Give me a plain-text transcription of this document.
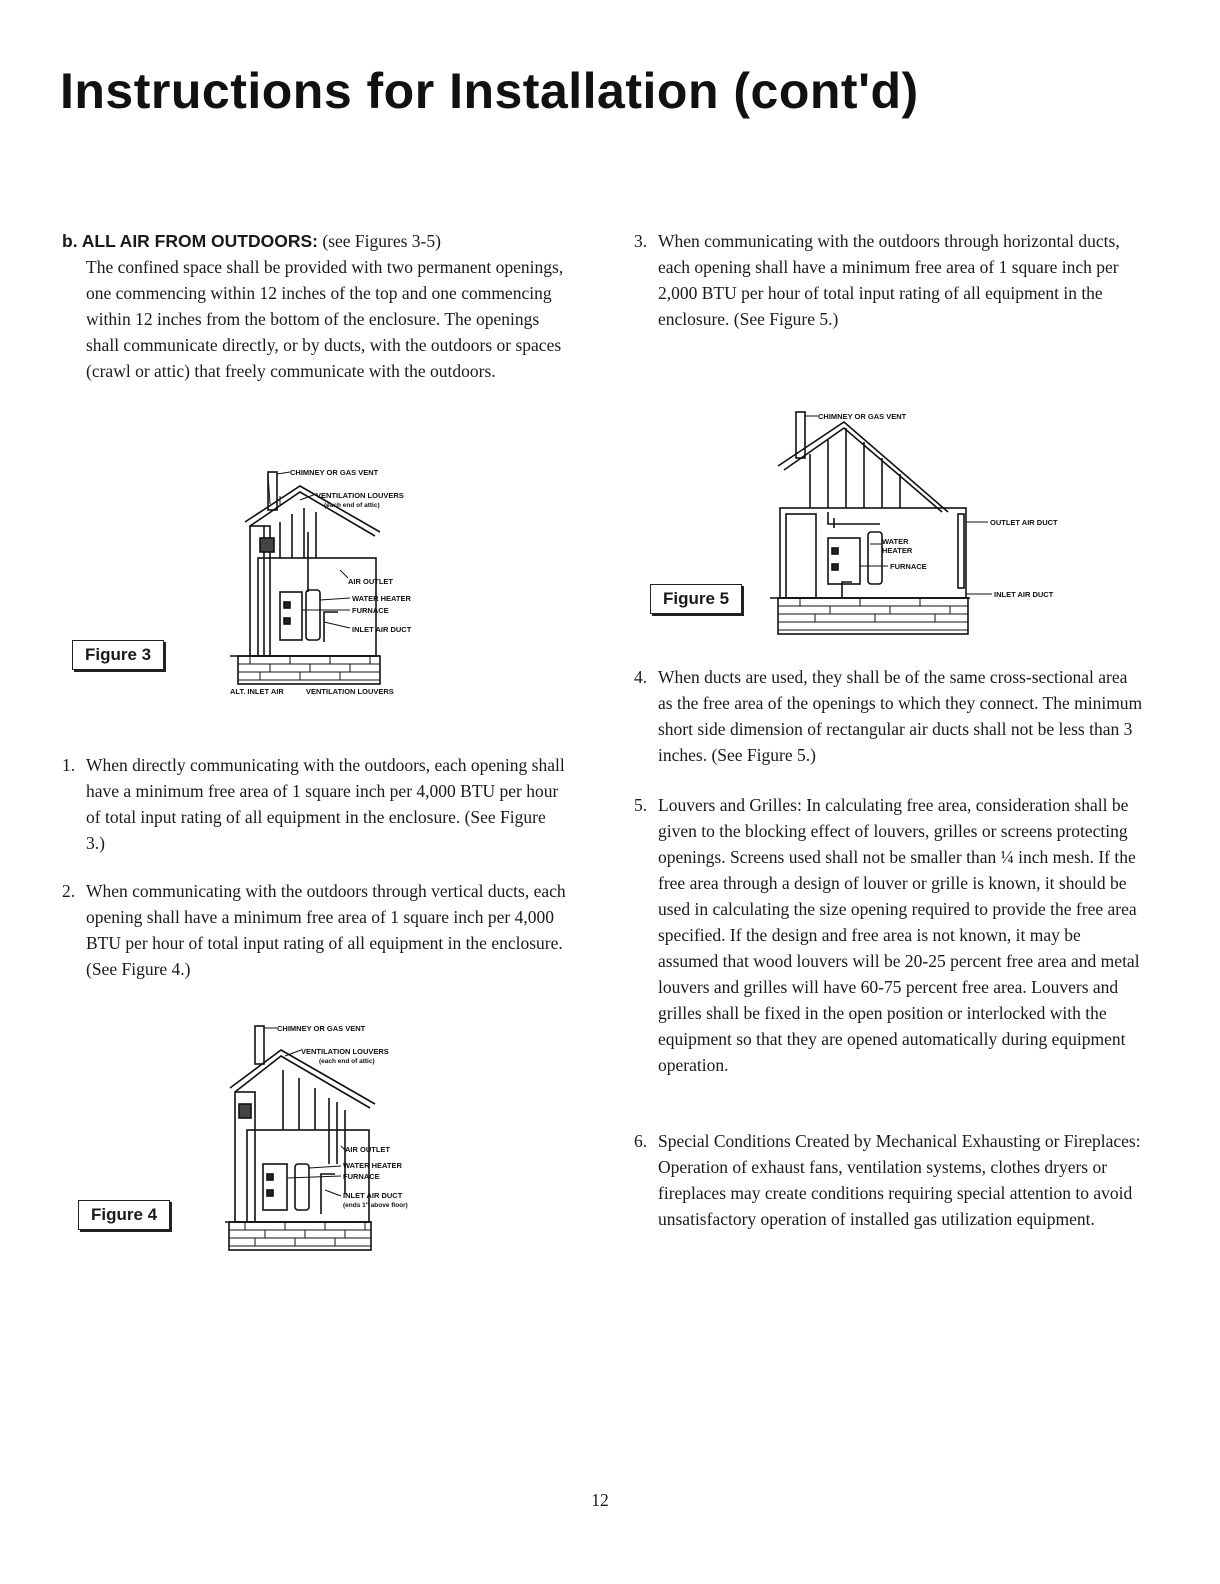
Instructions for Installation (cont'd)
b. ALL AIR FROM OUTDOORS: (see Figures 3-5)

The confined space shall be provided with two permanent openings, one commencing within 12 inches of the top and one commencing within 12 inches from the bottom of the enclosure. The openings shall communicate directly, or by ducts, with the outdoors or spaces (crawl or attic) that freely communicate with the outdoors.

1. When directly communicating with the outdoors, each opening shall have a minimum free area of 1 square inch per 4,000 BTU per hour of total input rating of all equipment in the enclosure. (See Figure 3.)
2. When communicating with the outdoors through vertical ducts, each opening shall have a minimum free area of 1 square inch per 4,000 BTU per hour of total input rating of all equipment in the enclosure. (See Figure 4.)
3. When communicating with the outdoors through horizontal ducts, each opening shall have a minimum free area of 1 square inch per 2,000 BTU per hour of total input rating of all equipment in the enclosure. (See Figure 5.)
4. When ducts are used, they shall be of the same cross-sectional area as the free area of the openings to which they connect. The minimum short side dimension of rectangular air ducts shall not be less than 3 inches. (See Figure 5.)
5. Louvers and Grilles: In calculating free area, consideration shall be given to the blocking effect of louvers, grilles or screens protecting openings. Screens used shall not be smaller than ¼ inch mesh. If the free area through a design of louver or grille is known, it should be used in calculating the size opening required to provide the free area specified. If the design and free area is not known, it may be assumed that wood louvers will be 20-25 percent free area and metal louvers and grilles will have 60-75 percent free area. Louvers and grilles shall be fixed in the open position or interlocked with the equipment so that they are opened automatically during equipment operation.
6. Special Conditions Created by Mechanical Exhausting or Fireplaces: Operation of exhaust fans, ventilation systems, clothes dryers or fireplaces may create conditions requiring special attention to avoid unsatisfactory operation of installed gas utilization equipment.
CHIMNEY OR GAS VENT
VENTILATION LOUVERS
(each end of attic)
AIR OUTLET
WATER HEATER
FURNACE
INLET AIR DUCT
ALT. INLET AIR	VENTILATION LOUVERS
Figure 3
CHIMNEY OR GAS VENT
VENTILATION LOUVERS
(each end of attic)
AIR OUTLET
WATER HEATER
FURNACE
INLET AIR DUCT
(ends 1" above floor)
Figure 4
CHIMNEY OR GAS VENT
OUTLET AIR DUCT
WATER
HEATER
FURNACE
INLET AIR DUCT
Figure 5
12
